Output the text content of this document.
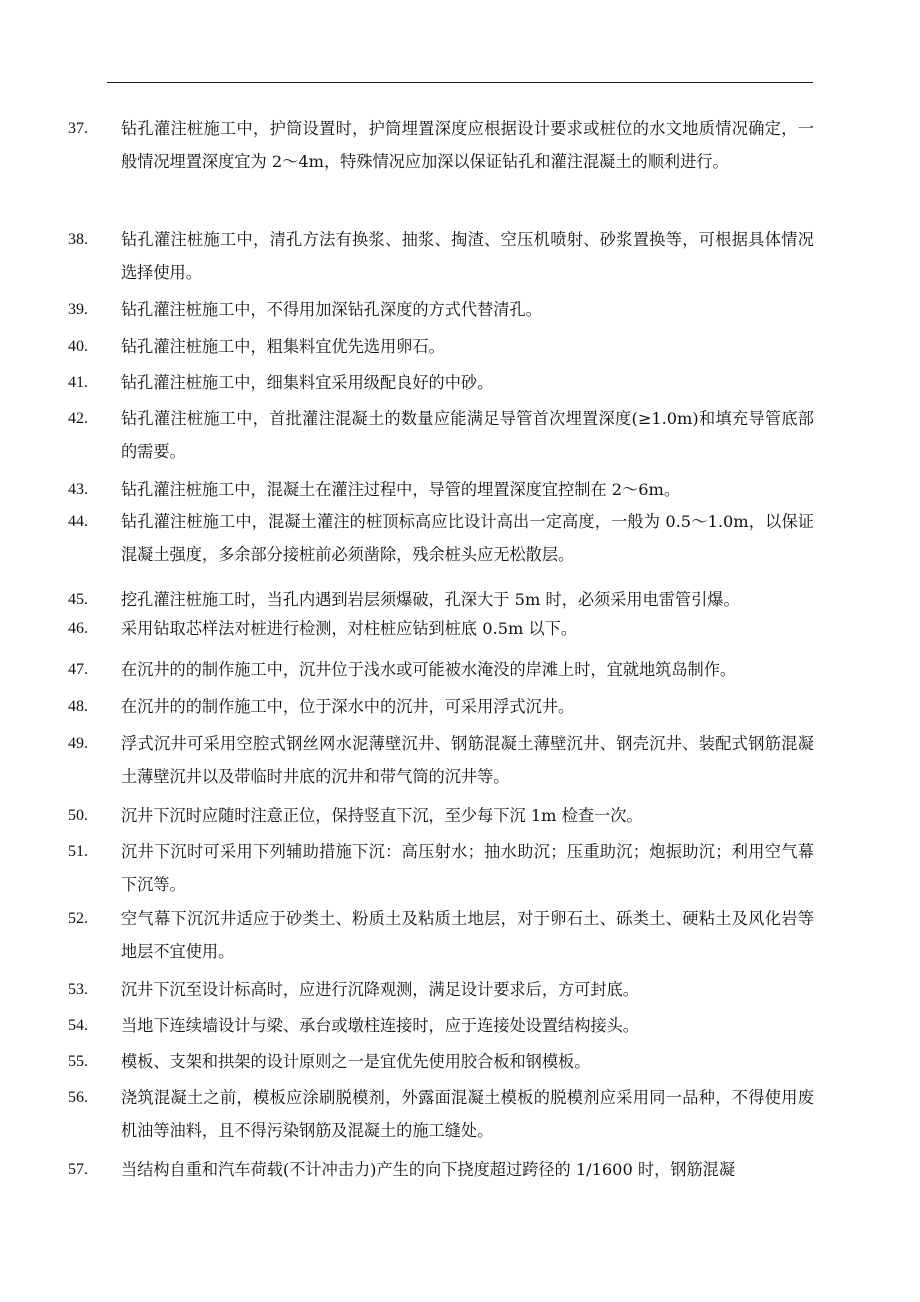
37. 钻孔灌注桩施工中，护筒设置时，护筒埋置深度应根据设计要求或桩位的水文地质情况确定，一般情况埋置深度宜为 2～4m，特殊情况应加深以保证钻孔和灌注混凝土的顺利进行。
38. 钻孔灌注桩施工中，清孔方法有换浆、抽浆、掏渣、空压机喷射、砂浆置换等，可根据具体情况选择使用。
39. 钻孔灌注桩施工中，不得用加深钻孔深度的方式代替清孔。
40. 钻孔灌注桩施工中，粗集料宜优先选用卵石。
41. 钻孔灌注桩施工中，细集料宜采用级配良好的中砂。
42. 钻孔灌注桩施工中，首批灌注混凝土的数量应能满足导管首次埋置深度(≥1.0m)和填充导管底部的需要。
43. 钻孔灌注桩施工中，混凝土在灌注过程中，导管的埋置深度宜控制在 2～6m。
44. 钻孔灌注桩施工中，混凝土灌注的桩顶标高应比设计高出一定高度，一般为 0.5～1.0m，以保证混凝土强度，多余部分接桩前必须凿除，残余桩头应无松散层。
45. 挖孔灌注桩施工时，当孔内遇到岩层须爆破，孔深大于 5m 时，必须采用电雷管引爆。
46. 采用钻取芯样法对桩进行检测，对柱桩应钻到桩底 0.5m 以下。
47. 在沉井的的制作施工中，沉井位于浅水或可能被水淹没的岸滩上时，宜就地筑岛制作。
48. 在沉井的的制作施工中，位于深水中的沉井，可采用浮式沉井。
49. 浮式沉井可采用空腔式钢丝网水泥薄壁沉井、钢筋混凝土薄壁沉井、钢壳沉井、装配式钢筋混凝土薄壁沉井以及带临时井底的沉井和带气筒的沉井等。
50. 沉井下沉时应随时注意正位，保持竖直下沉，至少每下沉 1m 检查一次。
51. 沉井下沉时可采用下列辅助措施下沉：高压射水；抽水助沉；压重助沉；炮振助沉；利用空气幕下沉等。
52. 空气幕下沉沉井适应于砂类土、粉质土及粘质土地层，对于卵石土、砾类土、硬粘土及风化岩等地层不宜使用。
53. 沉井下沉至设计标高时，应进行沉降观测，满足设计要求后，方可封底。
54. 当地下连续墙设计与梁、承台或墩柱连接时，应于连接处设置结构接头。
55. 模板、支架和拱架的设计原则之一是宜优先使用胶合板和钢模板。
56. 浇筑混凝土之前，模板应涂刷脱模剂，外露面混凝土模板的脱模剂应采用同一品种，不得使用废机油等油料，且不得污染钢筋及混凝土的施工缝处。
57. 当结构自重和汽车荷载(不计冲击力)产生的向下挠度超过跨径的 1/1600 时，钢筋混凝
